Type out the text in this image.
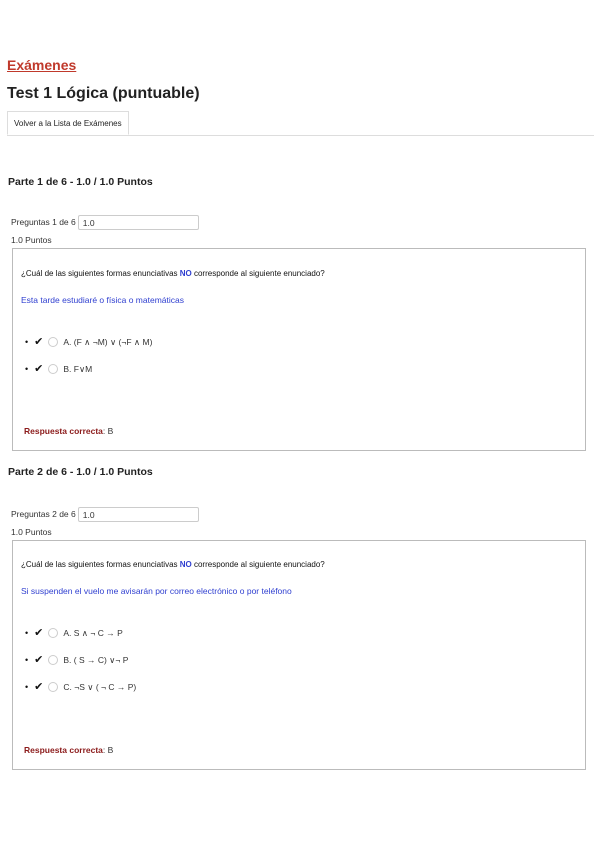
Exámenes
Test 1 Lógica (puntuable)
Volver a la Lista de Exámenes
Parte 1 de 6 - 1.0 / 1.0 Puntos
Preguntas 1 de 61.0
1.0 Puntos
¿Cuál de las siguientes formas enunciativas NO corresponde al siguiente enunciado?
Esta tarde estudiaré o física o matemáticas
• ✔ A. (F ∧ ¬M) ∨ (¬F ∧ M)
• ✔ B. F∨M
Respuesta correcta: B
Parte 2 de 6 - 1.0 / 1.0 Puntos
Preguntas 2 de 61.0
1.0 Puntos
¿Cuál de las siguientes formas enunciativas NO corresponde al siguiente enunciado?
Si suspenden el vuelo me avisarán por correo electrónico o por teléfono
• ✔ A. S ∧ ¬ C → P
• ✔ B. ( S → C) ∨¬ P
• ✔ C. ¬S ∨ ( ¬ C → P)
Respuesta correcta: B
